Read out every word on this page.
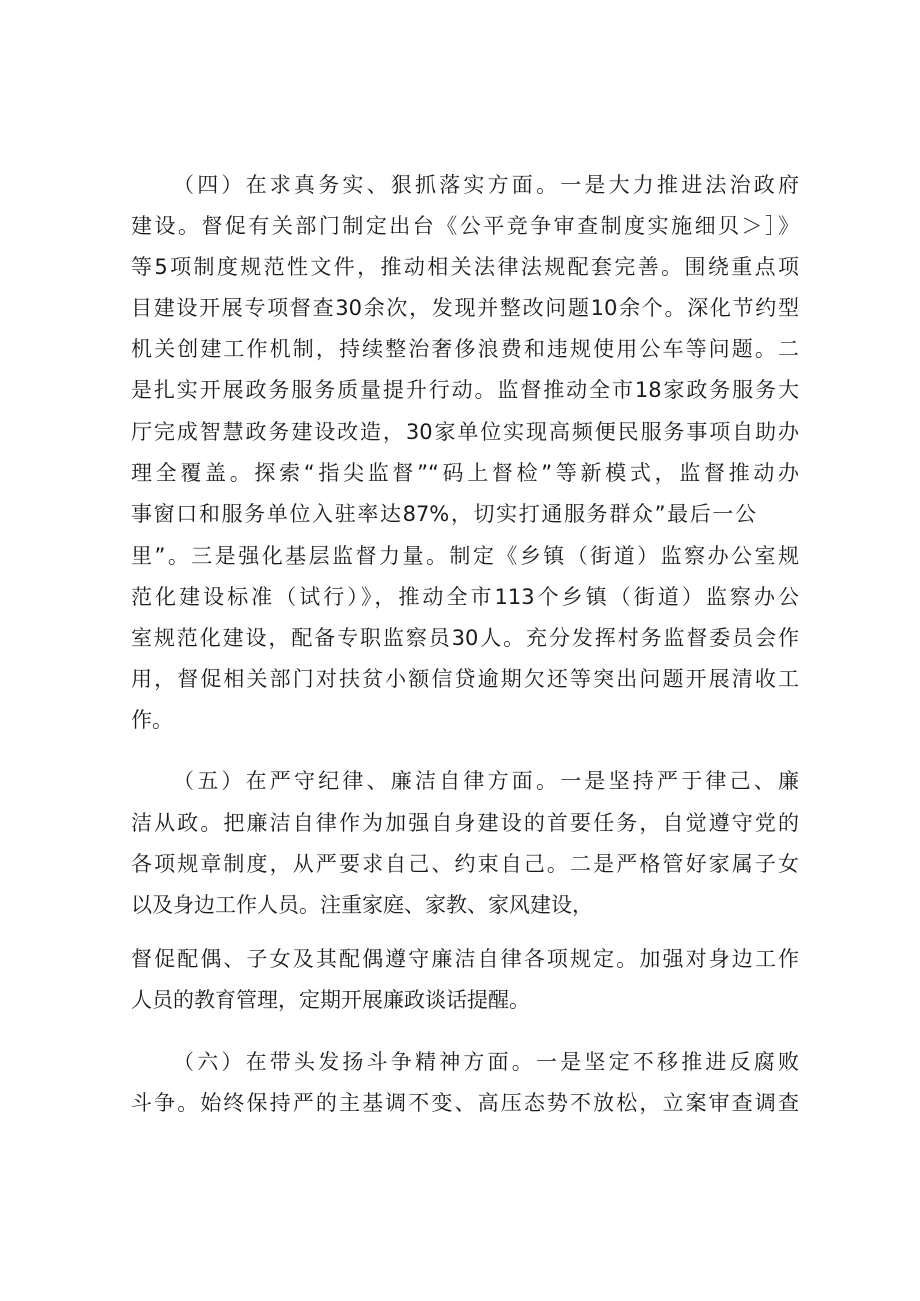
（四）在求真务实、狠抓落实方面。一是大力推进法治政府
建设。督促有关部门制定出台《公平竞争审查制度实施细贝＞］》
等5项制度规范性文件，推动相关法律法规配套完善。围绕重点项
目建设开展专项督查30余次，发现并整改问题10余个。深化节约型
机关创建工作机制，持续整治奢侈浪费和违规使用公车等问题。二
是扎实开展政务服务质量提升行动。监督推动全市18家政务服务大
厅完成智慧政务建设改造，30家单位实现高频便民服务事项自助办
理全覆盖。探索“指尖监督”“码上督检”等新模式，监督推动办
事窗口和服务单位入驻率达87%，切实打通服务群众”最后一公
里”。三是强化基层监督力量。制定《乡镇（街道）监察办公室规
范化建设标准（试行）》，推动全市113个乡镇（街道）监察办公
室规范化建设，配备专职监察员30人。充分发挥村务监督委员会作
用，督促相关部门对扶贫小额信贷逾期欠还等突出问题开展清收工
作。
（五）在严守纪律、廉洁自律方面。一是坚持严于律己、廉
洁从政。把廉洁自律作为加强自身建设的首要任务，自觉遵守党的
各项规章制度，从严要求自己、约束自己。二是严格管好家属子女
以及身边工作人员。注重家庭、家教、家风建设，
督促配偶、子女及其配偶遵守廉洁自律各项规定。加强对身边工作
人员的教育管理，定期开展廉政谈话提醒。
（六）在带头发扬斗争精神方面。一是坚定不移推进反腐败
斗争。始终保持严的主基调不变、高压态势不放松，立案审查调查
